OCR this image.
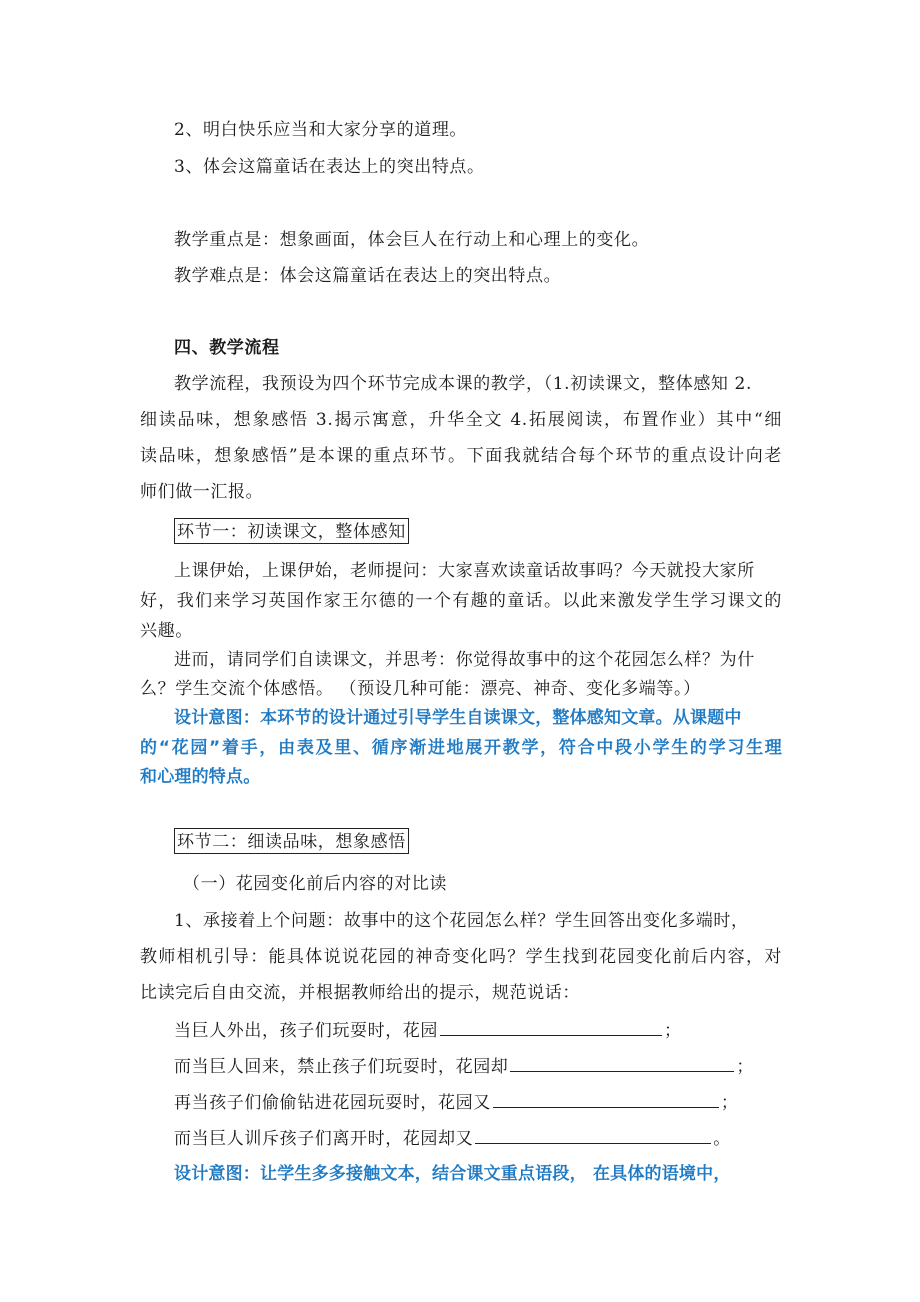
2、明白快乐应当和大家分享的道理。
3、体会这篇童话在表达上的突出特点。
教学重点是：想象画面，体会巨人在行动上和心理上的变化。
教学难点是：体会这篇童话在表达上的突出特点。
四、教学流程
教学流程，我预设为四个环节完成本课的教学，（1.初读课文，整体感知 2.
细读品味，想象感悟 3.揭示寓意，升华全文 4.拓展阅读，布置作业）其中“细
读品味，想象感悟”是本课的重点环节。下面我就结合每个环节的重点设计向老
师们做一汇报。
环节一：初读课文，整体感知
上课伊始，上课伊始，老师提问：大家喜欢读童话故事吗？今天就投大家所
好，我们来学习英国作家王尔德的一个有趣的童话。以此来激发学生学习课文的
兴趣。
进而，请同学们自读课文，并思考：你觉得故事中的这个花园怎么样？为什
么？学生交流个体感悟。 （预设几种可能：漂亮、神奇、变化多端等。）
设计意图：本环节的设计通过引导学生自读课文，整体感知文章。从课题中
的“花园”着手，由表及里、循序渐进地展开教学，符合中段小学生的学习生理
和心理的特点。
环节二：细读品味，想象感悟
（一）花园变化前后内容的对比读
1、承接着上个问题：故事中的这个花园怎么样？学生回答出变化多端时，
教师相机引导：能具体说说花园的神奇变化吗？学生找到花园变化前后内容，对
比读完后自由交流，并根据教师给出的提示，规范说话：
当巨人外出，孩子们玩耍时，花园	；
而当巨人回来，禁止孩子们玩耍时，花园却	；
再当孩子们偷偷钻进花园玩耍时，花园又	；
而当巨人训斥孩子们离开时，花园却又	。
设计意图：让学生多多接触文本，结合课文重点语段， 在具体的语境中，
